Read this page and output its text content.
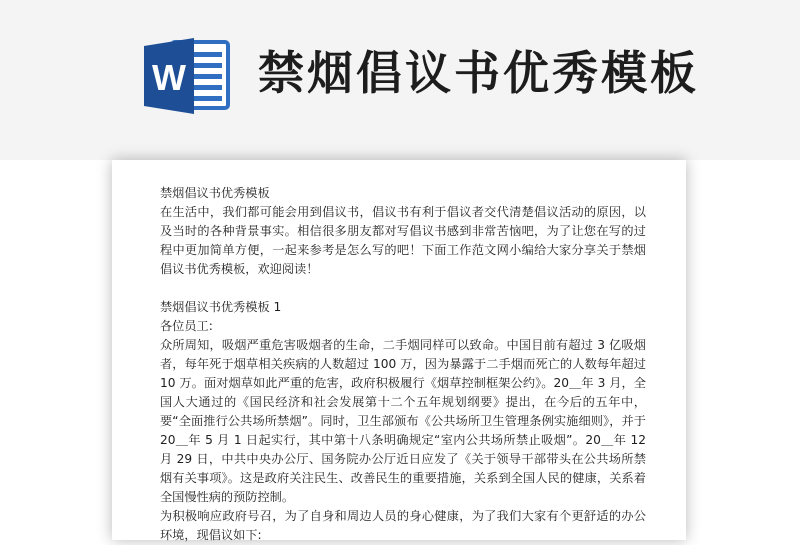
W 禁烟倡议书优秀模板

禁烟倡议书优秀模板

在生活中，我们都可能会用到倡议书，倡议书有利于倡议者交代清楚倡议活动的原因，以及当时的各种背景事实。相信很多朋友都对写倡议书感到非常苦恼吧，为了让您在写的过程中更加简单方便，一起来参考是怎么写的吧！下面工作范文网小编给大家分享关于禁烟倡议书优秀模板，欢迎阅读！

禁烟倡议书优秀模板 1

各位员工:

众所周知，吸烟严重危害吸烟者的生命，二手烟同样可以致命。中国目前有超过 3 亿吸烟者，每年死于烟草相关疾病的人数超过 100 万，因为暴露于二手烟而死亡的人数每年超过10 万。面对烟草如此严重的危害，政府积极履行《烟草控制框架公约》。20＿年 3 月，全国人大通过的《国民经济和社会发展第十二个五年规划纲要》提出，在今后的五年中，要“全面推行公共场所禁烟”。同时，卫生部颁布《公共场所卫生管理条例实施细则》，并于 20＿年 5 月 1 日起实行，其中第十八条明确规定“室内公共场所禁止吸烟”。20＿年 12 月 29 日，中共中央办公厅、国务院办公厅近日应发了《关于领导干部带头在公共场所禁烟有关事项》。这是政府关注民生、改善民生的重要措施，关系到全国人民的健康，关系着全国慢性病的预防控制。

为积极响应政府号召，为了自身和周边人员的身心健康，为了我们大家有个更舒适的办公环境，现倡议如下:
